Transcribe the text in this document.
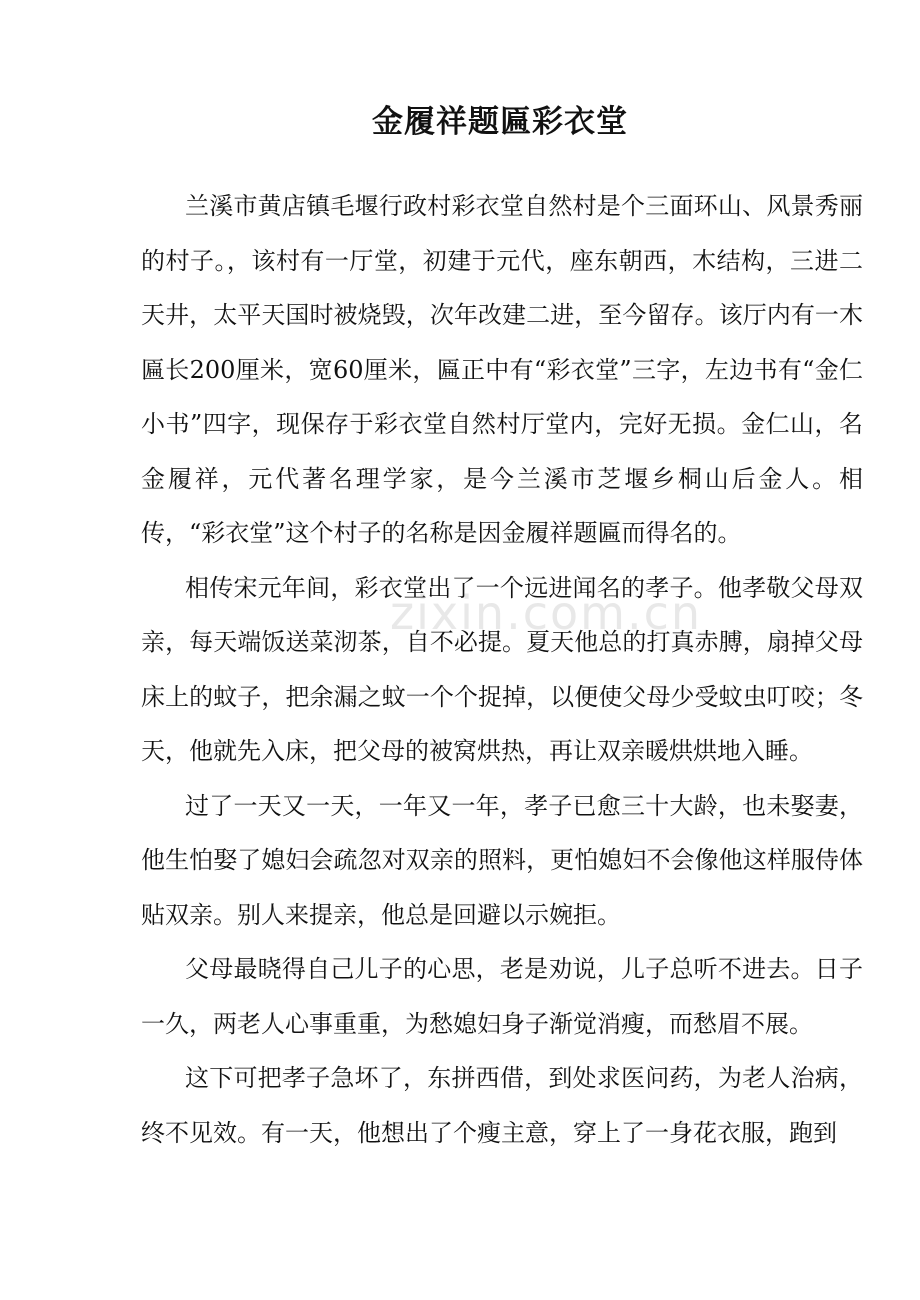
金履祥题匾彩衣堂

兰溪市黄店镇毛堰行政村彩衣堂自然村是个三面环山、风景秀丽的村子。，该村有一厅堂，初建于元代，座东朝西，木结构，三进二天井，太平天国时被烧毁，次年改建二进，至今留存。该厅内有一木匾长200厘米，宽60厘米，匾正中有“彩衣堂”三字，左边书有“金仁小书”四字，现保存于彩衣堂自然村厅堂内，完好无损。金仁山，名金履祥，元代著名理学家，是今兰溪市芝堰乡桐山后金人。相传，“彩衣堂”这个村子的名称是因金履祥题匾而得名的。

相传宋元年间，彩衣堂出了一个远进闻名的孝子。他孝敬父母双亲，每天端饭送菜沏茶，自不必提。夏天他总的打真赤膊，扇掉父母床上的蚊子，把余漏之蚊一个个捉掉，以便使父母少受蚊虫叮咬；冬天，他就先入床，把父母的被窝烘热，再让双亲暖烘烘地入睡。

过了一天又一天，一年又一年，孝子已愈三十大龄，也未娶妻，他生怕娶了媳妇会疏忽对双亲的照料，更怕媳妇不会像他这样服侍体贴双亲。别人来提亲，他总是回避以示婉拒。

父母最晓得自己儿子的心思，老是劝说，儿子总听不进去。日子一久，两老人心事重重，为愁媳妇身子渐觉消瘦，而愁眉不展。

这下可把孝子急坏了，东拼西借，到处求医问药，为老人治病，终不见效。有一天，他想出了个瘦主意，穿上了一身花衣服，跑到

zixin.com.cn
